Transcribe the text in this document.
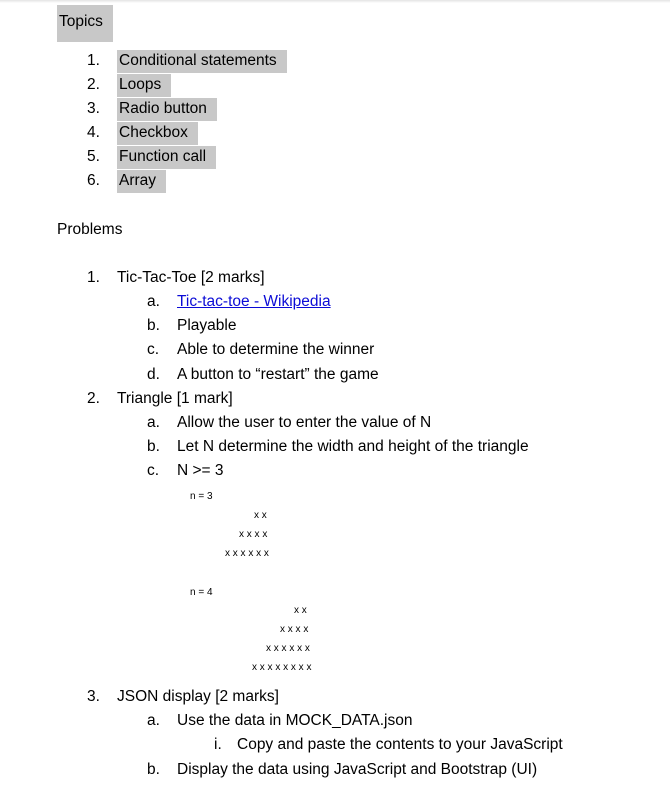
Topics
1. Conditional statements
2. Loops
3. Radio button
4. Checkbox
5. Function call
6. Array
Problems
1. Tic-Tac-Toe [2 marks]
a. Tic-tac-toe - Wikipedia
b. Playable
c. Able to determine the winner
d. A button to “restart” the game
2. Triangle [1 mark]
a. Allow the user to enter the value of N
b. Let N determine the width and height of the triangle
c. N >= 3
n = 3
x x
x x x x
x x x x x x
n = 4
x x
x x x x
x x x x x x
x x x x x x x x
3. JSON display [2 marks]
a. Use the data in MOCK_DATA.json
i. Copy and paste the contents to your JavaScript
b. Display the data using JavaScript and Bootstrap (UI)
